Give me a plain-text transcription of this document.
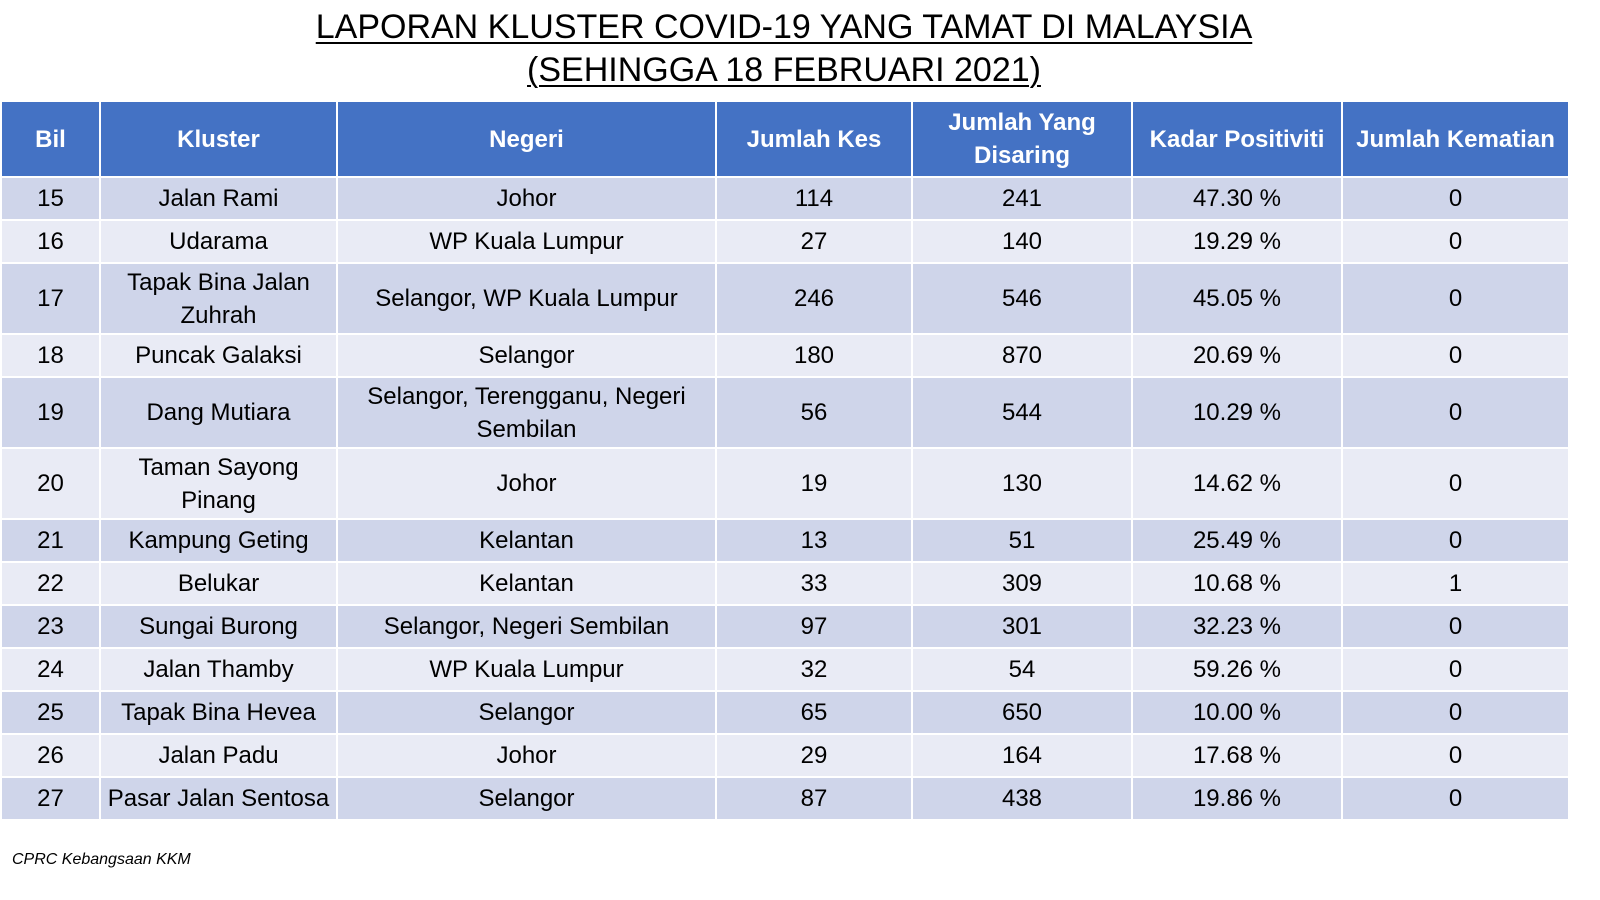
LAPORAN KLUSTER COVID-19 YANG TAMAT DI MALAYSIA
(SEHINGGA 18 FEBRUARI 2021)
Bil	Kluster	Negeri	Jumlah Kes	Jumlah Yang Disaring	Kadar Positiviti	Jumlah Kematian
15	Jalan Rami	Johor	114	241	47.30 %	0
16	Udarama	WP Kuala Lumpur	27	140	19.29 %	0
17	Tapak Bina Jalan Zuhrah	Selangor, WP Kuala Lumpur	246	546	45.05 %	0
18	Puncak Galaksi	Selangor	180	870	20.69 %	0
19	Dang Mutiara	Selangor, Terengganu, Negeri Sembilan	56	544	10.29 %	0
20	Taman Sayong Pinang	Johor	19	130	14.62 %	0
21	Kampung Geting	Kelantan	13	51	25.49 %	0
22	Belukar	Kelantan	33	309	10.68 %	1
23	Sungai Burong	Selangor, Negeri Sembilan	97	301	32.23 %	0
24	Jalan Thamby	WP Kuala Lumpur	32	54	59.26 %	0
25	Tapak Bina Hevea	Selangor	65	650	10.00 %	0
26	Jalan Padu	Johor	29	164	17.68 %	0
27	Pasar Jalan Sentosa	Selangor	87	438	19.86 %	0
CPRC Kebangsaan KKM
